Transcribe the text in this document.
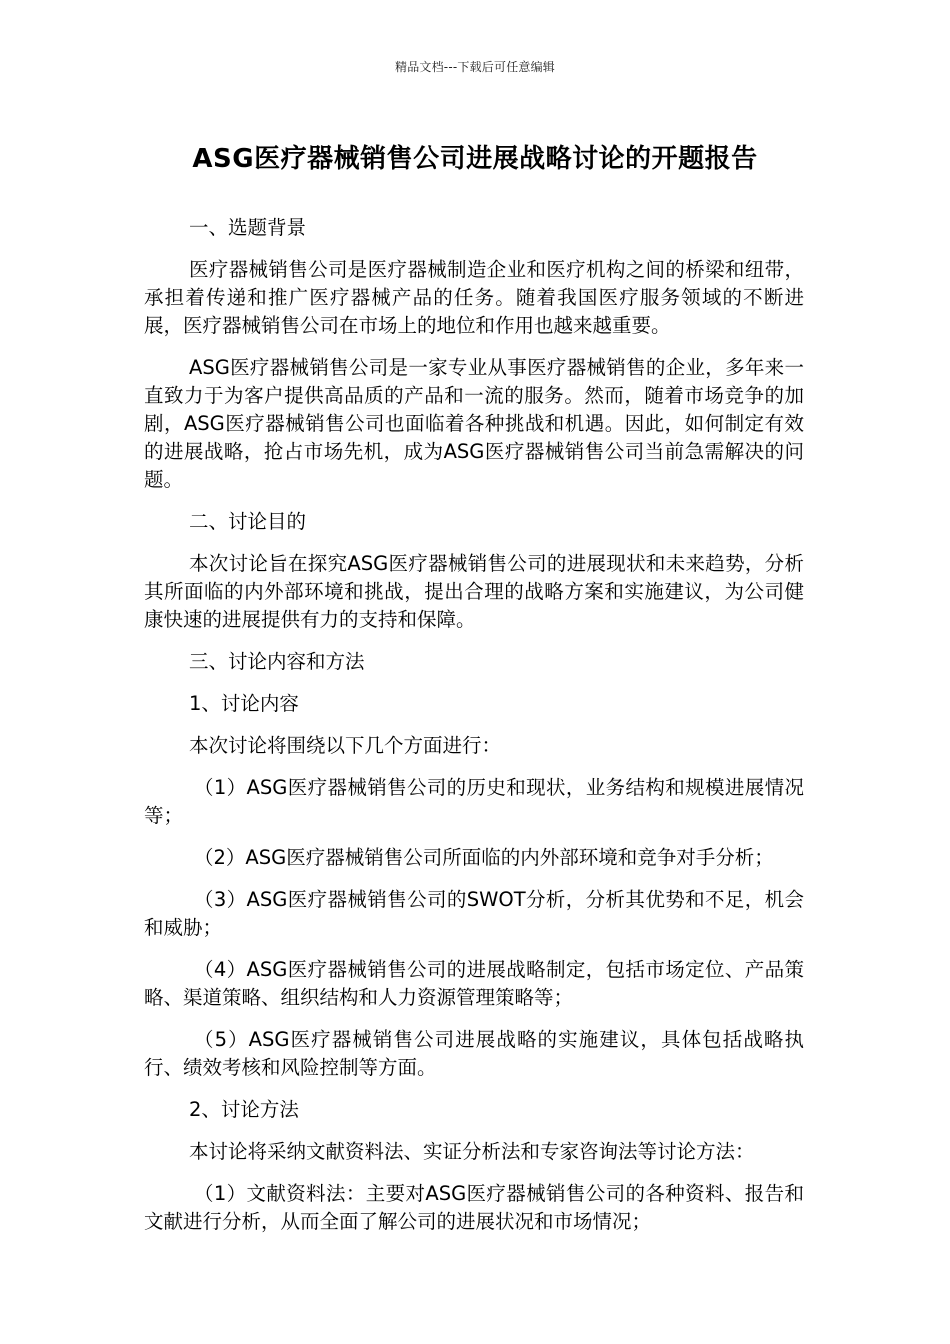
精品文档---下载后可任意编辑
ASG医疗器械销售公司进展战略讨论的开题报告

一、选题背景

医疗器械销售公司是医疗器械制造企业和医疗机构之间的桥梁和纽带，承担着传递和推广医疗器械产品的任务。随着我国医疗服务领域的不断进展，医疗器械销售公司在市场上的地位和作用也越来越重要。

ASG医疗器械销售公司是一家专业从事医疗器械销售的企业，多年来一直致力于为客户提供高品质的产品和一流的服务。然而，随着市场竞争的加剧，ASG医疗器械销售公司也面临着各种挑战和机遇。因此，如何制定有效的进展战略，抢占市场先机，成为ASG医疗器械销售公司当前急需解决的问题。

二、讨论目的

本次讨论旨在探究ASG医疗器械销售公司的进展现状和未来趋势，分析其所面临的内外部环境和挑战，提出合理的战略方案和实施建议，为公司健康快速的进展提供有力的支持和保障。

三、讨论内容和方法

1、讨论内容

本次讨论将围绕以下几个方面进行：

（1）ASG医疗器械销售公司的历史和现状，业务结构和规模进展情况等；

（2）ASG医疗器械销售公司所面临的内外部环境和竞争对手分析；

（3）ASG医疗器械销售公司的SWOT分析，分析其优势和不足，机会和威胁；

（4）ASG医疗器械销售公司的进展战略制定，包括市场定位、产品策略、渠道策略、组织结构和人力资源管理策略等；

（5）ASG医疗器械销售公司进展战略的实施建议，具体包括战略执行、绩效考核和风险控制等方面。

2、讨论方法

本讨论将采纳文献资料法、实证分析法和专家咨询法等讨论方法：

（1）文献资料法：主要对ASG医疗器械销售公司的各种资料、报告和文献进行分析，从而全面了解公司的进展状况和市场情况；
